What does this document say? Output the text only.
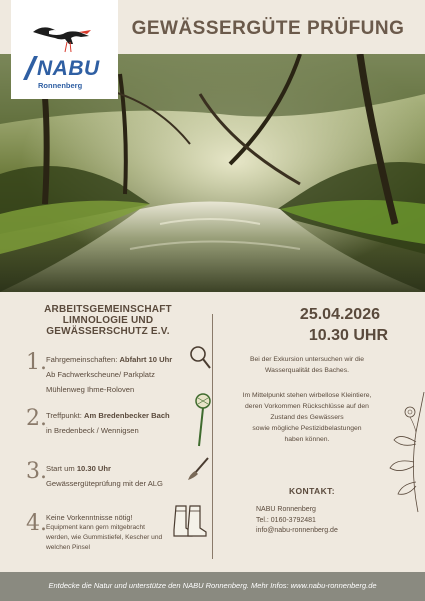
GEWÄSSERGÜTE PRÜFUNG
NABU
Ronnenberg
ARBEITSGEMEINSCHAFT
LIMNOLOGIE UND
GEWÄSSERSCHUTZ E.V.
1. Fahrgemeinschaften: Abfahrt 10 Uhr
Ab Fachwerkscheune/ Parkplatz
Mühlenweg Ihme-Roloven
2. Treffpunkt: Am Bredenbecker Bach
in Bredenbeck / Wennigsen
3. Start um 10.30 Uhr
Gewässergüteprüfung mit der ALG
4. Keine Vorkenntnisse nötig!
Equipment kann gern mitgebracht
werden, wie Gummistiefel, Kescher und
welchen Pinsel
25.04.2026
10.30 UHR
Bei der Exkursion untersuchen wir die
Wasserqualität des Baches.
Im Mittelpunkt stehen wirbellose Kleintiere,
deren Vorkommen Rückschlüsse auf den
Zustand des Gewässers
sowie mögliche Pestizidbelastungen
haben können.
KONTAKT:
NABU Ronnenberg
Tel.: 0160-3792481
info@nabu-ronnenberg.de
Entdecke die Natur und unterstütze den NABU Ronnenberg. Mehr Infos: www.nabu-ronnenberg.de
